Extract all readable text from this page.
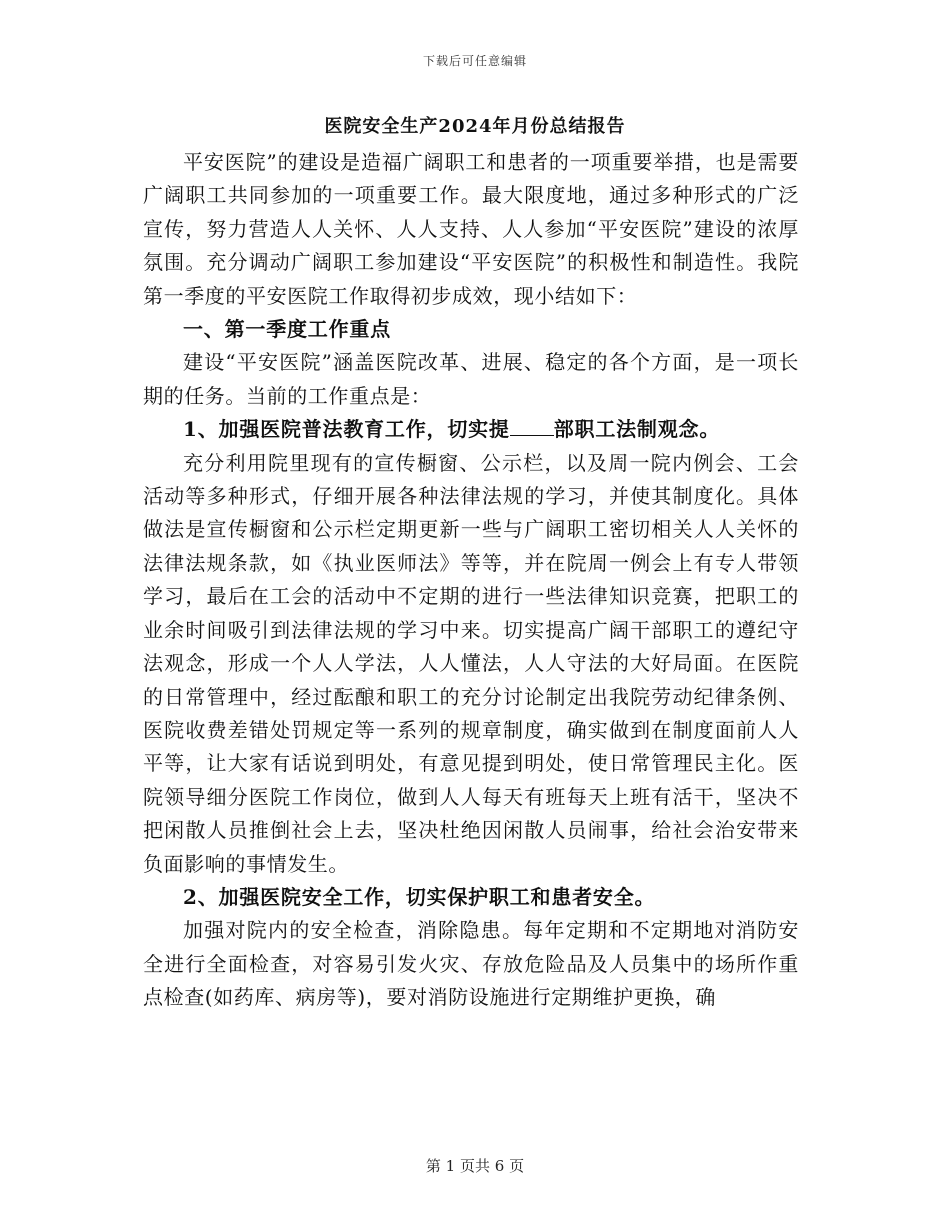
下载后可任意编辑
医院安全生产2024年月份总结报告

平安医院”的建设是造福广阔职工和患者的一项重要举措，也是需要广阔职工共同参加的一项重要工作。最大限度地，通过多种形式的广泛宣传，努力营造人人关怀、人人支持、人人参加“平安医院”建设的浓厚氛围。充分调动广阔职工参加建设“平安医院”的积极性和制造性。我院第一季度的平安医院工作取得初步成效，现小结如下：

一、第一季度工作重点

建设“平安医院”涵盖医院改革、进展、稳定的各个方面，是一项长期的任务。当前的工作重点是：

1、加强医院普法教育工作，切实提 部职工法制观念。

充分利用院里现有的宣传橱窗、公示栏，以及周一院内例会、工会活动等多种形式，仔细开展各种法律法规的学习，并使其制度化。具体做法是宣传橱窗和公示栏定期更新一些与广阔职工密切相关人人关怀的法律法规条款，如《执业医师法》等等，并在院周一例会上有专人带领学习，最后在工会的活动中不定期的进行一些法律知识竞赛，把职工的业余时间吸引到法律法规的学习中来。切实提高广阔干部职工的遵纪守法观念，形成一个人人学法，人人懂法，人人守法的大好局面。在医院的日常管理中，经过酝酿和职工的充分讨论制定出我院劳动纪律条例、医院收费差错处罚规定等一系列的规章制度，确实做到在制度面前人人平等，让大家有话说到明处，有意见提到明处，使日常管理民主化。医院领导细分医院工作岗位，做到人人每天有班每天上班有活干，坚决不把闲散人员推倒社会上去，坚决杜绝因闲散人员闹事，给社会治安带来负面影响的事情发生。

2、加强医院安全工作，切实保护职工和患者安全。

加强对院内的安全检查，消除隐患。每年定期和不定期地对消防安全进行全面检查，对容易引发火灾、存放危险品及人员集中的场所作重点检查(如药库、病房等)，要对消防设施进行定期维护更换，确

第 1 页共 6 页
